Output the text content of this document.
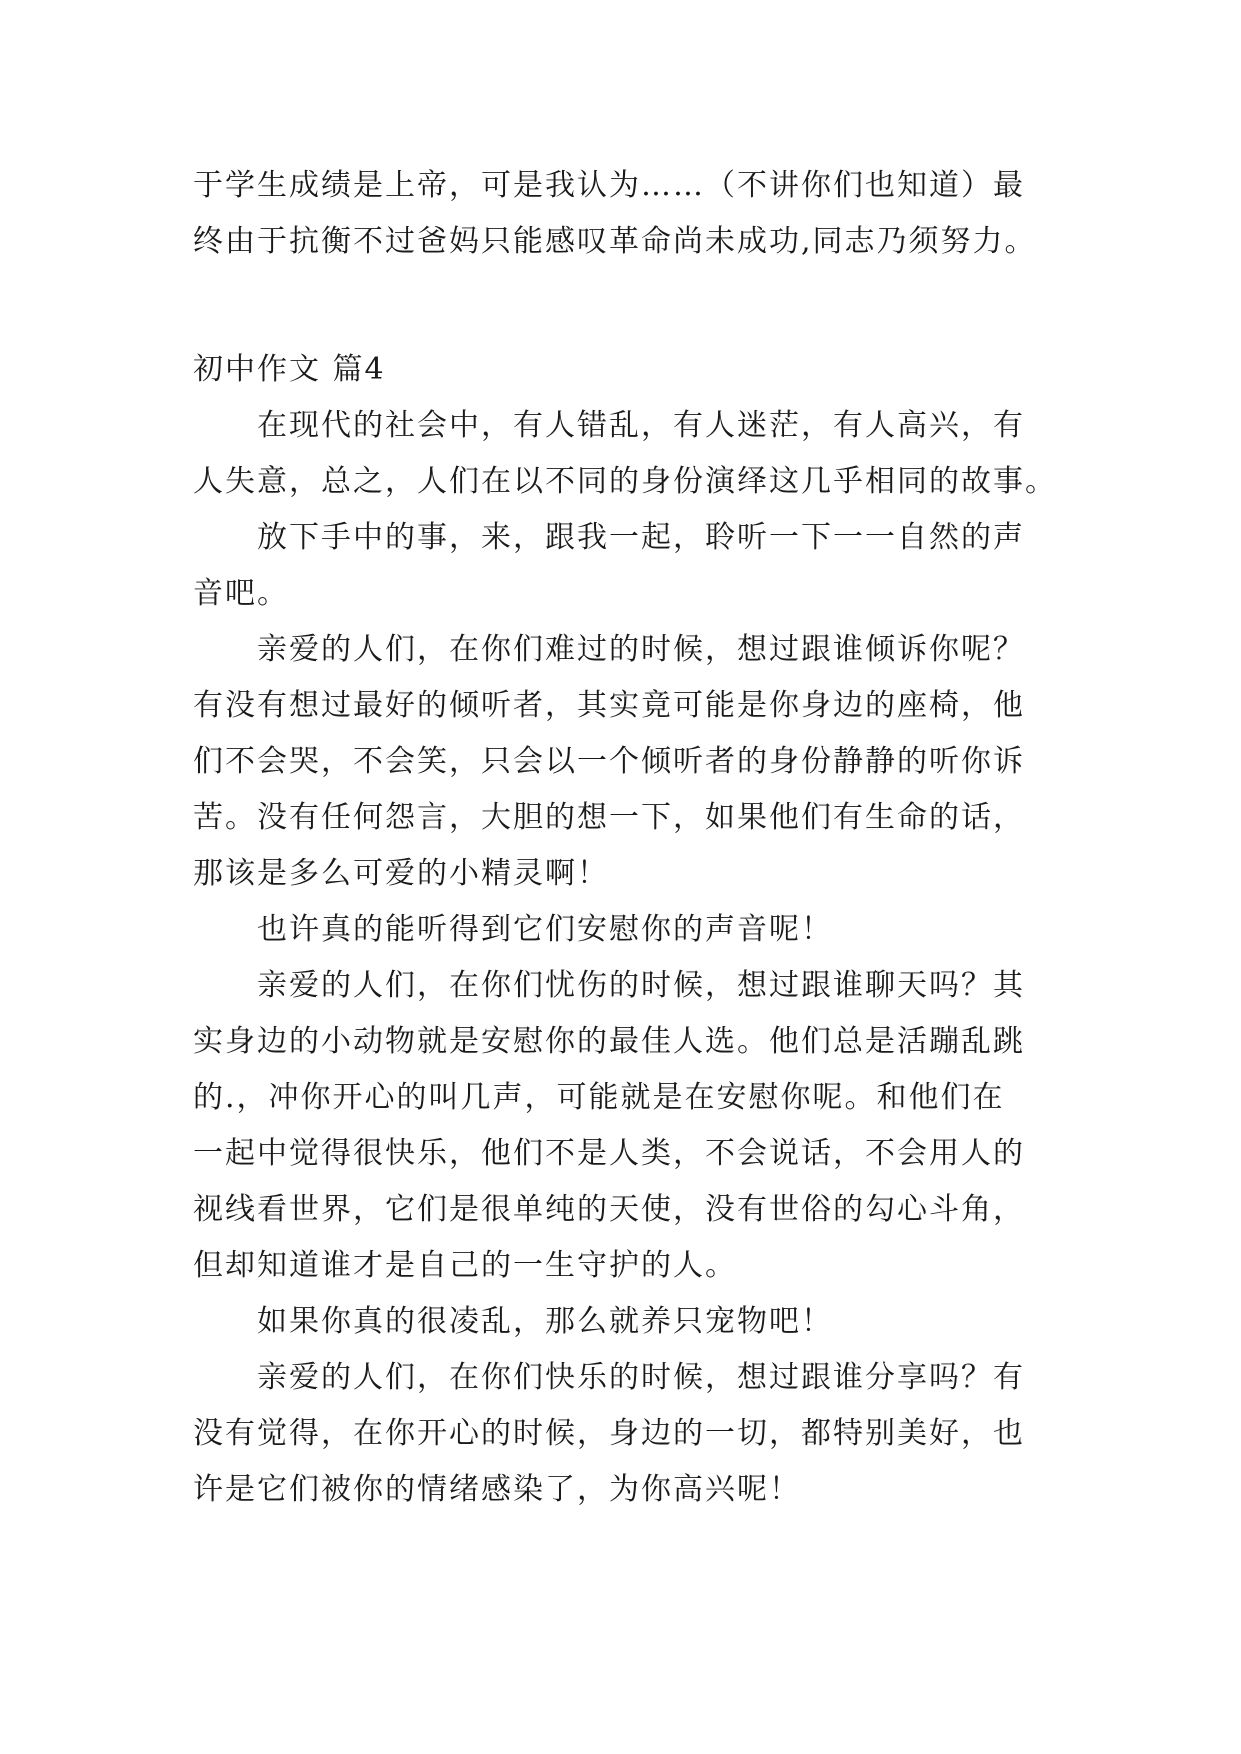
于学生成绩是上帝，可是我认为……（不讲你们也知道）最
终由于抗衡不过爸妈只能感叹革命尚未成功,同志乃须努力。
初中作文 篇4
　　在现代的社会中，有人错乱，有人迷茫，有人高兴，有
人失意，总之，人们在以不同的身份演绎这几乎相同的故事。
　　放下手中的事，来，跟我一起，聆听一下一一自然的声
音吧。
　　亲爱的人们，在你们难过的时候，想过跟谁倾诉你呢？
有没有想过最好的倾听者，其实竟可能是你身边的座椅，他
们不会哭，不会笑，只会以一个倾听者的身份静静的听你诉
苦。没有任何怨言，大胆的想一下，如果他们有生命的话，
那该是多么可爱的小精灵啊！
　　也许真的能听得到它们安慰你的声音呢！
　　亲爱的人们，在你们忧伤的时候，想过跟谁聊天吗？其
实身边的小动物就是安慰你的最佳人选。他们总是活蹦乱跳
的.，冲你开心的叫几声，可能就是在安慰你呢。和他们在
一起中觉得很快乐，他们不是人类，不会说话，不会用人的
视线看世界，它们是很单纯的天使，没有世俗的勾心斗角，
但却知道谁才是自己的一生守护的人。
　　如果你真的很凌乱，那么就养只宠物吧！
　　亲爱的人们，在你们快乐的时候，想过跟谁分享吗？有
没有觉得，在你开心的时候，身边的一切，都特别美好，也
许是它们被你的情绪感染了，为你高兴呢！
